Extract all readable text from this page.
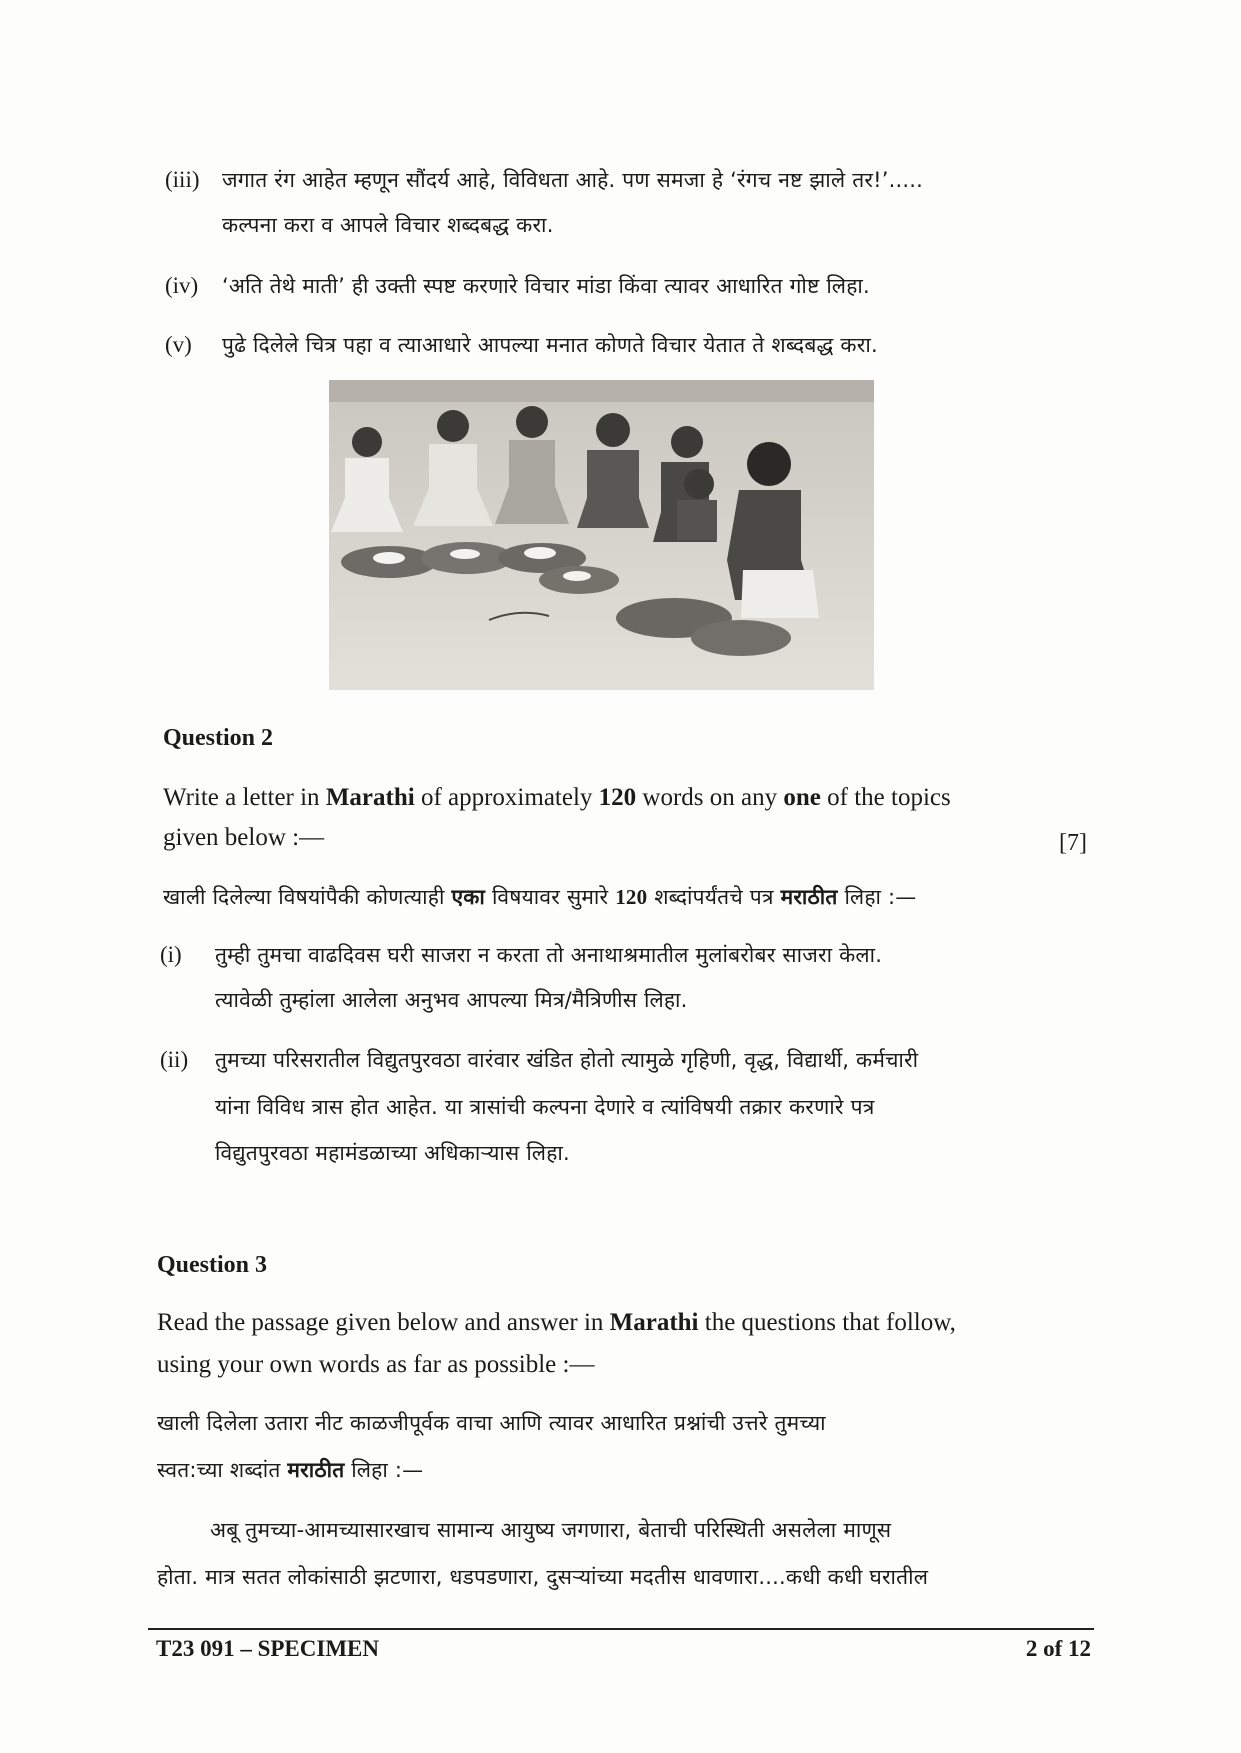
(iii) जगात रंग आहेत म्हणून सौंदर्य आहे, विविधता आहे. पण समजा हे ‘रंगच नष्ट झाले तर!’.....
कल्पना करा व आपले विचार शब्दबद्ध करा.
(iv) ‘अति तेथे माती’ ही उक्ती स्पष्ट करणारे विचार मांडा किंवा त्यावर आधारित गोष्ट लिहा.
(v) पुढे दिलेले चित्र पहा व त्याआधारे आपल्या मनात कोणते विचार येतात ते शब्दबद्ध करा.
Question 2
Write a letter in Marathi of approximately 120 words on any one of the topics
given below :—	[7]
खाली दिलेल्या विषयांपैकी कोणत्याही एका विषयावर सुमारे 120 शब्दांपर्यंतचे पत्र मराठीत लिहा :—
(i) तुम्ही तुमचा वाढदिवस घरी साजरा न करता तो अनाथाश्रमातील मुलांबरोबर साजरा केला.
त्यावेळी तुम्हांला आलेला अनुभव आपल्या मित्र/मैत्रिणीस लिहा.
(ii) तुमच्या परिसरातील विद्युतपुरवठा वारंवार खंडित होतो त्यामुळे गृहिणी, वृद्ध, विद्यार्थी, कर्मचारी
यांना विविध त्रास होत आहेत. या त्रासांची कल्पना देणारे व त्यांविषयी तक्रार करणारे पत्र
विद्युतपुरवठा महामंडळाच्या अधिकाऱ्यास लिहा.
Question 3
Read the passage given below and answer in Marathi the questions that follow,
using your own words as far as possible :—
खाली दिलेला उतारा नीट काळजीपूर्वक वाचा आणि त्यावर आधारित प्रश्नांची उत्तरे तुमच्या
स्वत:च्या शब्दांत मराठीत लिहा :—
अबू तुमच्या-आमच्यासारखाच सामान्य आयुष्य जगणारा, बेताची परिस्थिती असलेला माणूस
होता. मात्र सतत लोकांसाठी झटणारा, धडपडणारा, दुसऱ्यांच्या मदतीस धावणारा....कधी कधी घरातील
T23 091 – SPECIMEN	2 of 12
